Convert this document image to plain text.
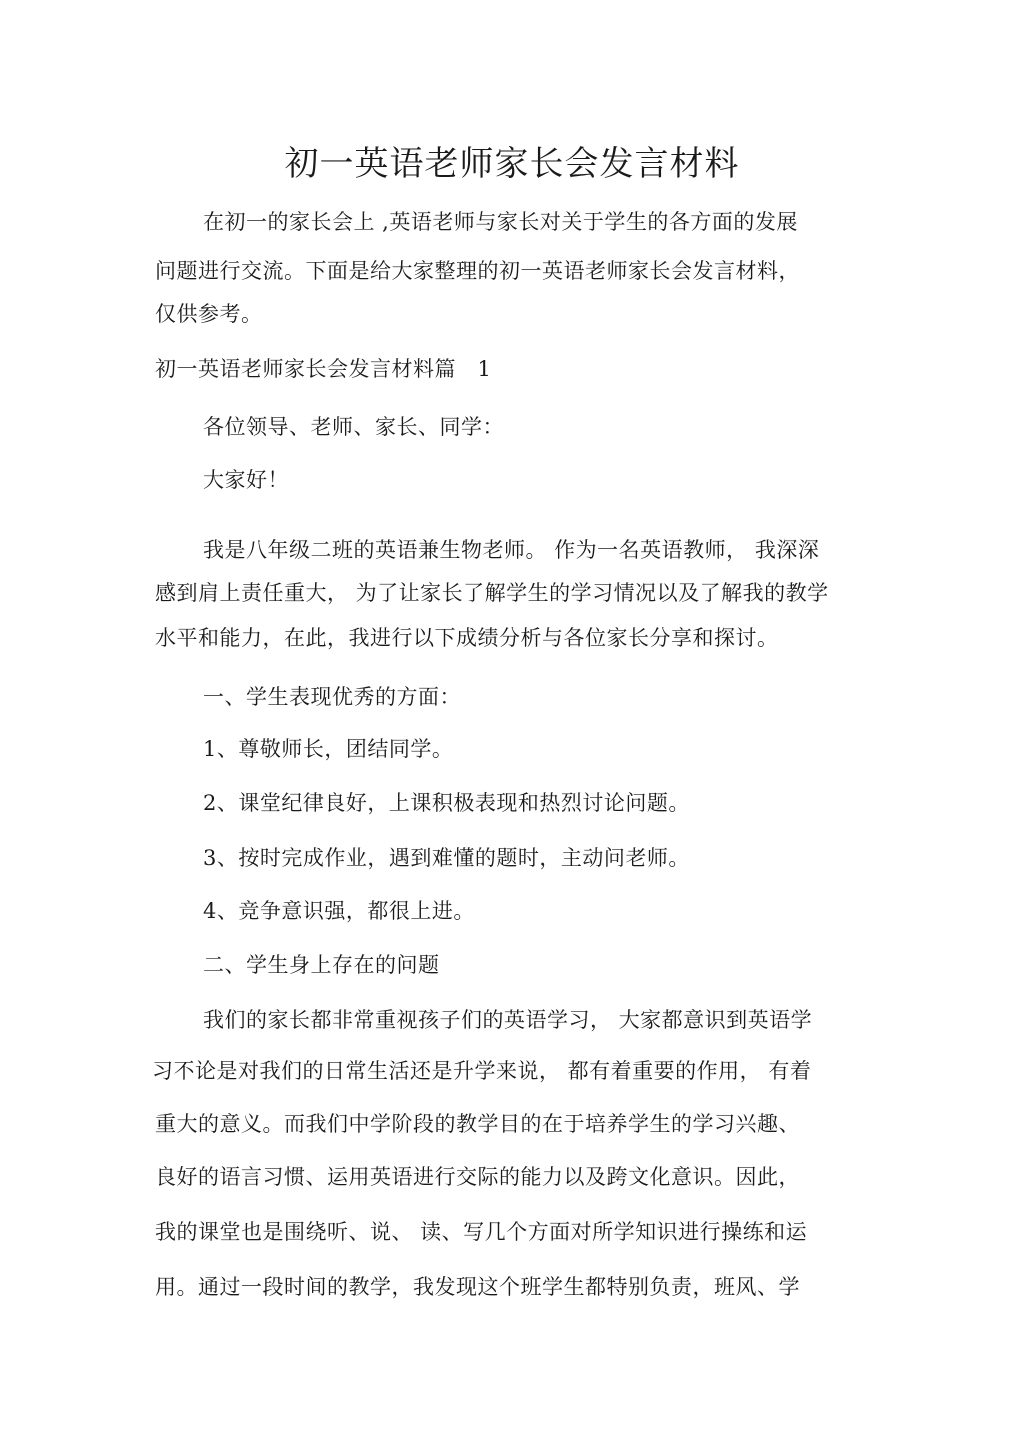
初一英语老师家长会发言材料
在初一的家长会上 ,英语老师与家长对关于学生的各方面的发展
问题进行交流。下面是给大家整理的初一英语老师家长会发言材料，
仅供参考。
初一英语老师家长会发言材料篇　1
各位领导、老师、家长、同学：
大家好！
我是八年级二班的英语兼生物老师。 作为一名英语教师， 我深深
感到肩上责任重大， 为了让家长了解学生的学习情况以及了解我的教学
水平和能力，在此，我进行以下成绩分析与各位家长分享和探讨。
一、学生表现优秀的方面：
1、尊敬师长，团结同学。
2、课堂纪律良好，上课积极表现和热烈讨论问题。
3、按时完成作业，遇到难懂的题时，主动问老师。
4、竞争意识强，都很上进。
二、学生身上存在的问题
我们的家长都非常重视孩子们的英语学习， 大家都意识到英语学
习不论是对我们的日常生活还是升学来说， 都有着重要的作用， 有着
重大的意义。而我们中学阶段的教学目的在于培养学生的学习兴趣、
良好的语言习惯、运用英语进行交际的能力以及跨文化意识。因此，
我的课堂也是围绕听、说、 读、写几个方面对所学知识进行操练和运
用。通过一段时间的教学，我发现这个班学生都特别负责，班风、学
